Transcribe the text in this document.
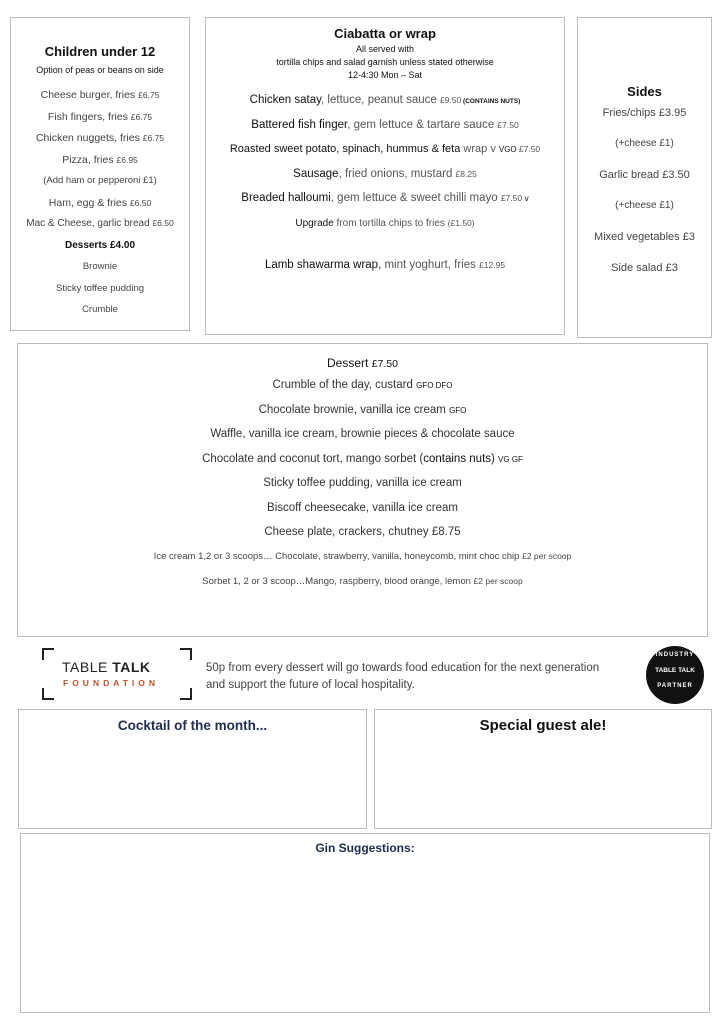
Children under 12
Option of peas or beans on side
Cheese burger, fries £6.75
Fish fingers, fries £6.75
Chicken nuggets, fries £6.75
Pizza, fries £6.95
(Add ham or pepperoni £1)
Ham, egg & fries £6.50
Mac & Cheese, garlic bread £6.50
Desserts £4.00
Brownie
Sticky toffee pudding
Crumble
Ciabatta or wrap
All served with
tortilla chips and salad garnish unless stated otherwise
12-4:30 Mon – Sat
Chicken satay, lettuce, peanut sauce £9.50 (CONTAINS NUTS)
Battered fish finger, gem lettuce & tartare sauce £7.50
Roasted sweet potato, spinach, hummus & feta wrap v VGO £7.50
Sausage, fried onions, mustard £8.25
Breaded halloumi, gem lettuce & sweet chilli mayo £7.50 v
Upgrade from tortilla chips to fries (£1.50)
Lamb shawarma wrap, mint yoghurt, fries £12.95
Sides
Fries/chips £3.95
(+cheese £1)
Garlic bread £3.50
(+cheese £1)
Mixed vegetables £3
Side salad £3
Dessert £7.50
Crumble of the day, custard GFO DFO
Chocolate brownie, vanilla ice cream GFO
Waffle, vanilla ice cream, brownie pieces & chocolate sauce
Chocolate and coconut tort, mango sorbet (contains nuts) VG GF
Sticky toffee pudding, vanilla ice cream
Biscoff cheesecake, vanilla ice cream
Cheese plate, crackers, chutney £8.75
Ice cream 1,2 or 3 scoops… Chocolate, strawberry, vanilla, honeycomb, mint choc chip £2 per scoop
Sorbet 1, 2 or 3 scoop…Mango, raspberry, blood orange, lemon £2 per scoop
TABLE TALK
FOUNDATION
50p from every dessert will go towards food education for the next generation
and support the future of local hospitality.
INDUSTRY
TABLE TALK
PARTNER
Cocktail of the month...	Special guest ale!
Gin Suggestions:
